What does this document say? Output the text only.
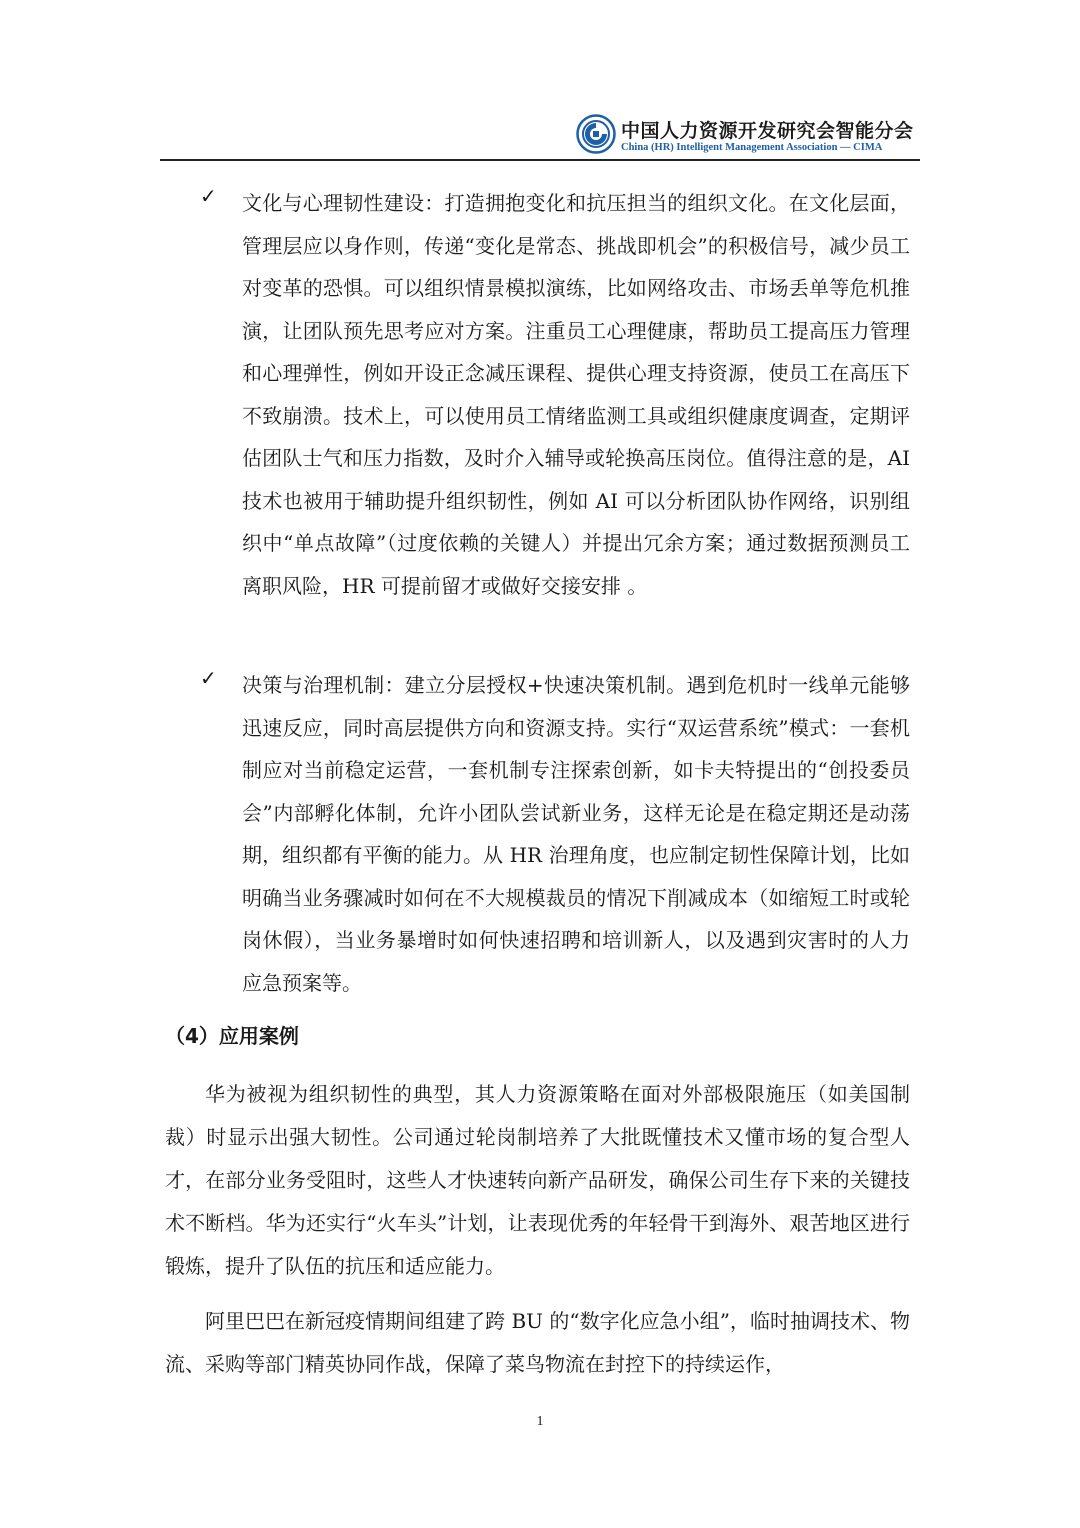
中国人力资源开发研究会智能分会
China (HR) Intelligent Management Association — CIMA
✓ 文化与心理韧性建设：打造拥抱变化和抗压担当的组织文化。在文化层面，管理层应以身作则，传递“变化是常态、挑战即机会”的积极信号，减少员工对变革的恐惧。可以组织情景模拟演练，比如网络攻击、市场丢单等危机推演，让团队预先思考应对方案。注重员工心理健康，帮助员工提高压力管理和心理弹性，例如开设正念减压课程、提供心理支持资源，使员工在高压下不致崩溃。技术上，可以使用员工情绪监测工具或组织健康度调查，定期评估团队士气和压力指数，及时介入辅导或轮换高压岗位。值得注意的是，AI 技术也被用于辅助提升组织韧性，例如 AI 可以分析团队协作网络，识别组织中“单点故障”（过度依赖的关键人）并提出冗余方案；通过数据预测员工离职风险，HR 可提前留才或做好交接安排 。

✓ 决策与治理机制：建立分层授权+快速决策机制。遇到危机时一线单元能够迅速反应，同时高层提供方向和资源支持。实行“双运营系统”模式：一套机制应对当前稳定运营，一套机制专注探索创新，如卡夫特提出的“创投委员会”内部孵化体制，允许小团队尝试新业务，这样无论是在稳定期还是动荡期，组织都有平衡的能力。从 HR 治理角度，也应制定韧性保障计划，比如明确当业务骤减时如何在不大规模裁员的情况下削减成本（如缩短工时或轮岗休假），当业务暴增时如何快速招聘和培训新人，以及遇到灾害时的人力应急预案等。

（4）应用案例

华为被视为组织韧性的典型，其人力资源策略在面对外部极限施压（如美国制裁）时显示出强大韧性。公司通过轮岗制培养了大批既懂技术又懂市场的复合型人才，在部分业务受阻时，这些人才快速转向新产品研发，确保公司生存下来的关键技术不断档。华为还实行“火车头”计划，让表现优秀的年轻骨干到海外、艰苦地区进行锻炼，提升了队伍的抗压和适应能力。

阿里巴巴在新冠疫情期间组建了跨 BU 的“数字化应急小组”，临时抽调技术、物流、采购等部门精英协同作战，保障了菜鸟物流在封控下的持续运作，

1
